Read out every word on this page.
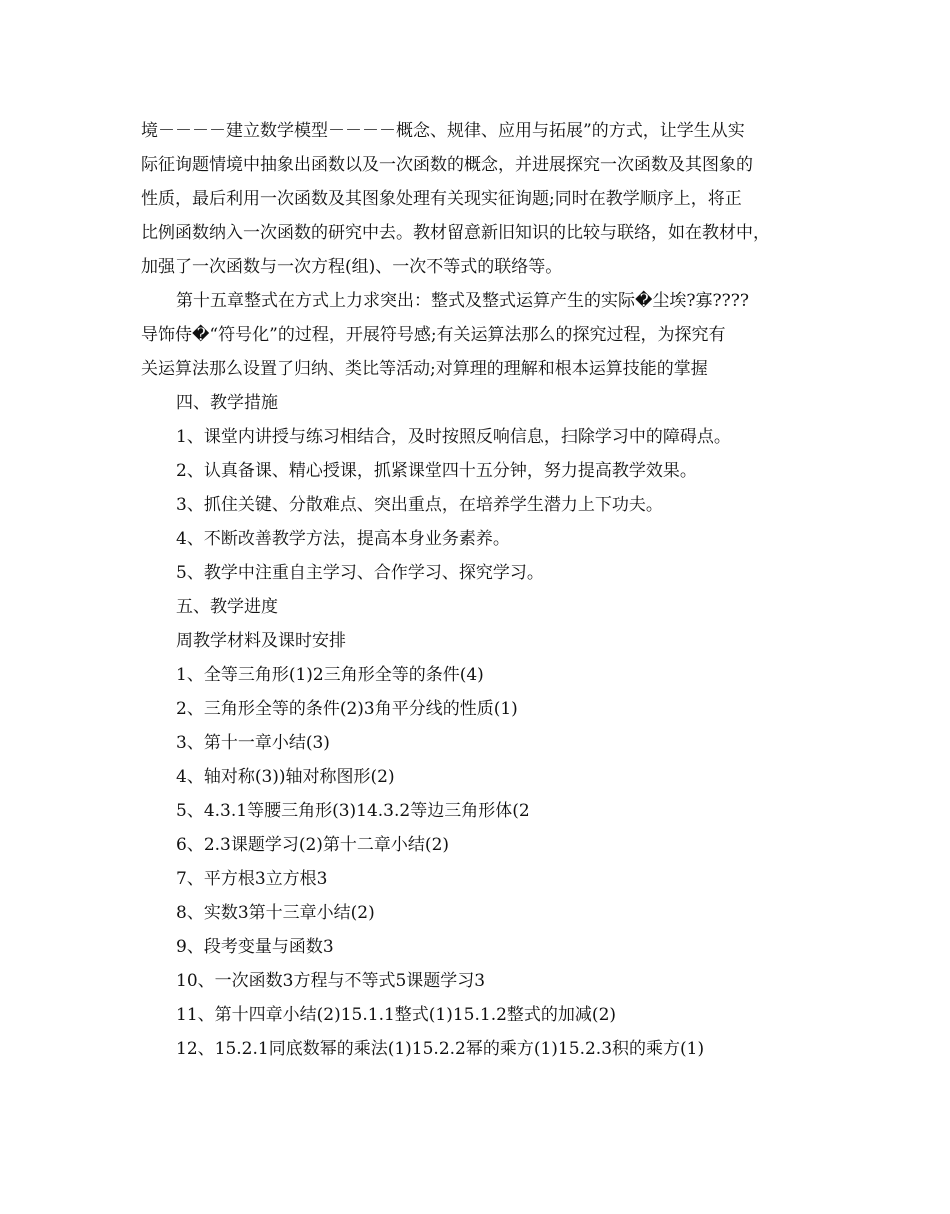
境－－－－建立数学模型－－－－概念、规律、应用与拓展”的方式，让学生从实
际征询题情境中抽象出函数以及一次函数的概念，并进展探究一次函数及其图象的
性质，最后利用一次函数及其图象处理有关现实征询题;同时在教学顺序上，将正
比例函数纳入一次函数的研究中去。教材留意新旧知识的比较与联络，如在教材中，
加强了一次函数与一次方程(组)、一次不等式的联络等。
第十五章整式在方式上力求突出：整式及整式运算产生的实际�尘埃?寡????
导饰侍�“符号化”的过程，开展符号感;有关运算法那么的探究过程，为探究有
关运算法那么设置了归纳、类比等活动;对算理的理解和根本运算技能的掌握
四、教学措施
1、课堂内讲授与练习相结合，及时按照反响信息，扫除学习中的障碍点。
2、认真备课、精心授课，抓紧课堂四十五分钟，努力提高教学效果。
3、抓住关键、分散难点、突出重点，在培养学生潜力上下功夫。
4、不断改善教学方法，提高本身业务素养。
5、教学中注重自主学习、合作学习、探究学习。
五、教学进度
周教学材料及课时安排
1、全等三角形(1)2三角形全等的条件(4)
2、三角形全等的条件(2)3角平分线的性质(1)
3、第十一章小结(3)
4、轴对称(3))轴对称图形(2)
5、4.3.1等腰三角形(3)14.3.2等边三角形体(2
6、2.3课题学习(2)第十二章小结(2)
7、平方根3立方根3
8、实数3第十三章小结(2)
9、段考变量与函数3
10、一次函数3方程与不等式5课题学习3
11、第十四章小结(2)15.1.1整式(1)15.1.2整式的加减(2)
12、15.2.1同底数幂的乘法(1)15.2.2幂的乘方(1)15.2.3积的乘方(1)
